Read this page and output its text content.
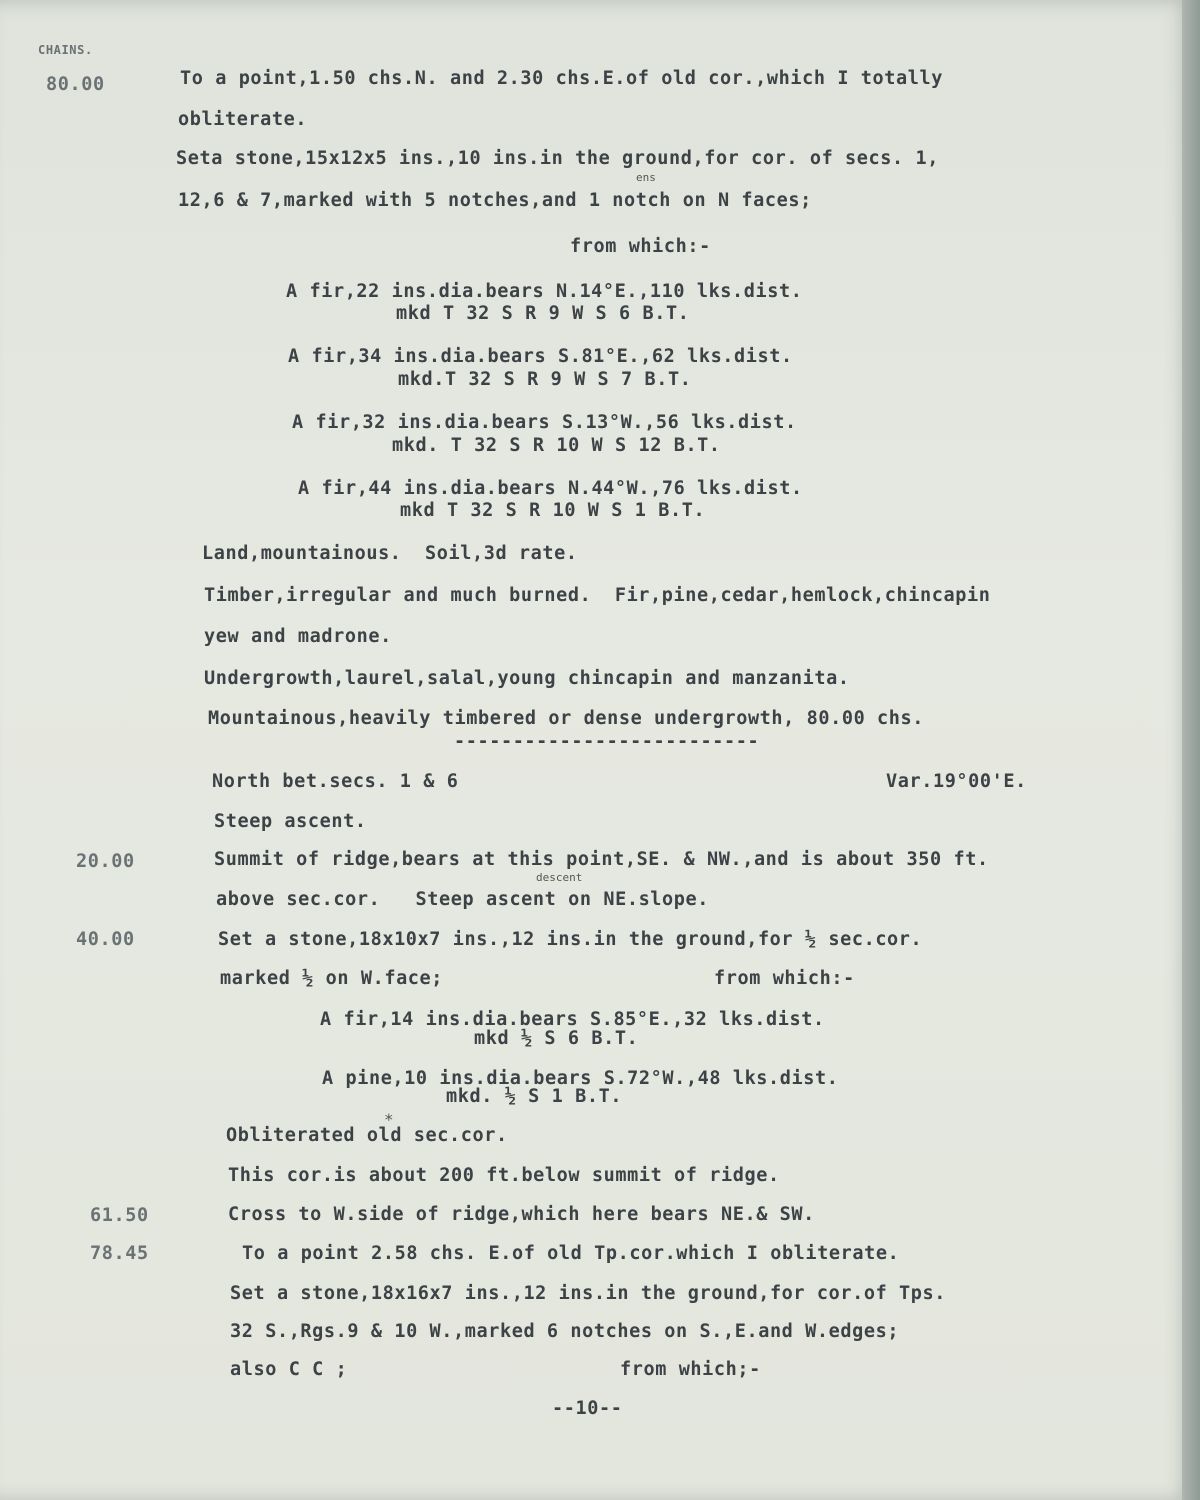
CHAINS.
80.00	To a point,1.50 chs.N. and 2.30 chs.E.of old cor.,which I totally
obliterate.
Seta stone,15x12x5 ins.,10 ins.in the ground,for cor. of secs. 1,
ens
12,6 & 7,marked with 5 notches,and 1 notch on N faces;
from which:-
A fir,22 ins.dia.bears N.14°E.,110 lks.dist.
mkd T 32 S R 9 W S 6 B.T.
A fir,34 ins.dia.bears S.81°E.,62 lks.dist.
mkd.T 32 S R 9 W S 7 B.T.
A fir,32 ins.dia.bears S.13°W.,56 lks.dist.
mkd. T 32 S R 10 W S 12 B.T.
A fir,44 ins.dia.bears N.44°W.,76 lks.dist.
mkd T 32 S R 10 W S 1 B.T.
Land,mountainous.  Soil,3d rate.
Timber,irregular and much burned.  Fir,pine,cedar,hemlock,chincapin
yew and madrone.
Undergrowth,laurel,salal,young chincapin and manzanita.
Mountainous,heavily timbered or dense undergrowth, 80.00 chs.
--------------------------
North bet.secs. 1 & 6	Var.19°00'E.
Steep ascent.
20.00	Summit of ridge,bears at this point,SE. & NW.,and is about 350 ft.
descent
above sec.cor.   Steep ascent on NE.slope.
40.00	Set a stone,18x10x7 ins.,12 ins.in the ground,for ½ sec.cor.
marked ½ on W.face;	from which:-
A fir,14 ins.dia.bears S.85°E.,32 lks.dist.
mkd ½ S 6 B.T.
A pine,10 ins.dia.bears S.72°W.,48 lks.dist.
mkd. ½ S 1 B.T.
Obliterated old sec.cor.
*
This cor.is about 200 ft.below summit of ridge.
61.50	Cross to W.side of ridge,which here bears NE.& SW.
78.45	To a point 2.58 chs. E.of old Tp.cor.which I obliterate.
Set a stone,18x16x7 ins.,12 ins.in the ground,for cor.of Tps.
32 S.,Rgs.9 & 10 W.,marked 6 notches on S.,E.and W.edges;
also C C ;	from which;-
--10--
